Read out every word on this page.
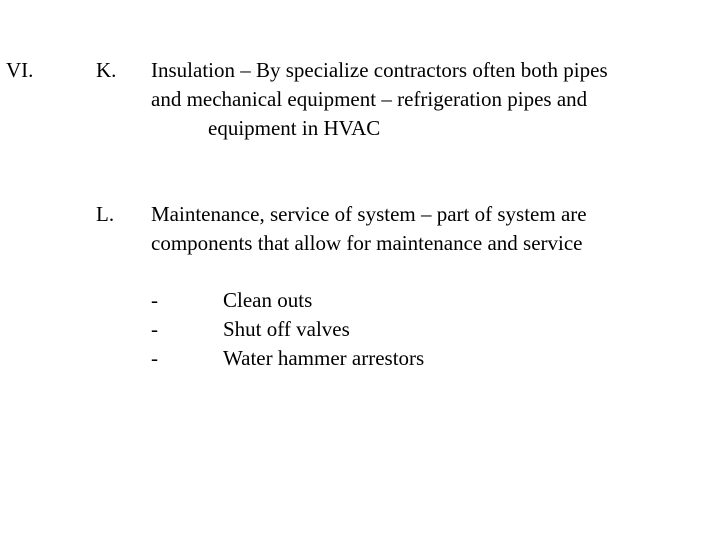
VI.	K. Insulation – By specialize contractors often both pipes
and mechanical equipment – refrigeration pipes and
equipment in HVAC
L. Maintenance, service of system – part of system are
components that allow for maintenance and service
-	Clean outs
-	Shut off valves
-	Water hammer arrestors
